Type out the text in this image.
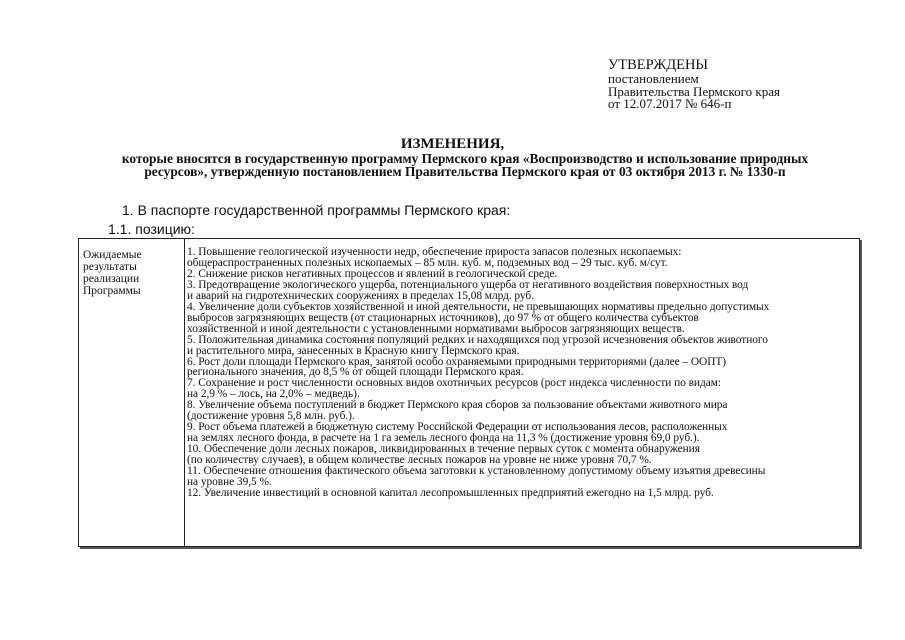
УТВЕРЖДЕНЫ
постановлением
Правительства Пермского края
от 12.07.2017 № 646-п
ИЗМЕНЕНИЯ,
которые вносятся в государственную программу Пермского края «Воспроизводство и использование природных
ресурсов», утвержденную постановлением Правительства Пермского края от 03 октября 2013 г. № 1330-п
1. В паспорте государственной программы Пермского края:
1.1. позицию:
Ожидаемые
результаты
реализации
Программы
1. Повышение геологической изученности недр, обеспечение прироста запасов полезных ископаемых:
общераспространенных полезных ископаемых – 85 млн. куб. м, подземных вод – 29 тыс. куб. м/сут.
2. Снижение рисков негативных процессов и явлений в геологической среде.
3. Предотвращение экологического ущерба, потенциального ущерба от негативного воздействия поверхностных вод
и аварий на гидротехнических сооружениях в пределах 15,08 млрд. руб.
4. Увеличение доли субъектов хозяйственной и иной деятельности, не превышающих нормативы предельно допустимых
выбросов загрязняющих веществ (от стационарных источников), до 97 % от общего количества субъектов
хозяйственной и иной деятельности с установленными нормативами выбросов загрязняющих веществ.
5. Положительная динамика состояния популяций редких и находящихся под угрозой исчезновения объектов животного
и растительного мира, занесенных в Красную книгу Пермского края.
6. Рост доли площади Пермского края, занятой особо охраняемыми природными территориями (далее – ООПТ)
регионального значения, до 8,5 % от общей площади Пермского края.
7. Сохранение и рост численности основных видов охотничьих ресурсов (рост индекса численности по видам:
на 2,9 % – лось, на 2,0% – медведь).
8. Увеличение объема поступлений в бюджет Пермского края сборов за пользование объектами животного мира
(достижение уровня 5,8 млн. руб.).
9. Рост объема платежей в бюджетную систему Российской Федерации от использования лесов, расположенных
на землях лесного фонда, в расчете на 1 га земель лесного фонда на 11,3 % (достижение уровня 69,0 руб.).
10. Обеспечение доли лесных пожаров, ликвидированных в течение первых суток с момента обнаружения
(по количеству случаев), в общем количестве лесных пожаров на уровне не ниже уровня 70,7 %.
11. Обеспечение отношения фактического объема заготовки к установленному допустимому объему изъятия древесины
на уровне 39,5 %.
12. Увеличение инвестиций в основной капитал лесопромышленных предприятий ежегодно на 1,5 млрд. руб.
